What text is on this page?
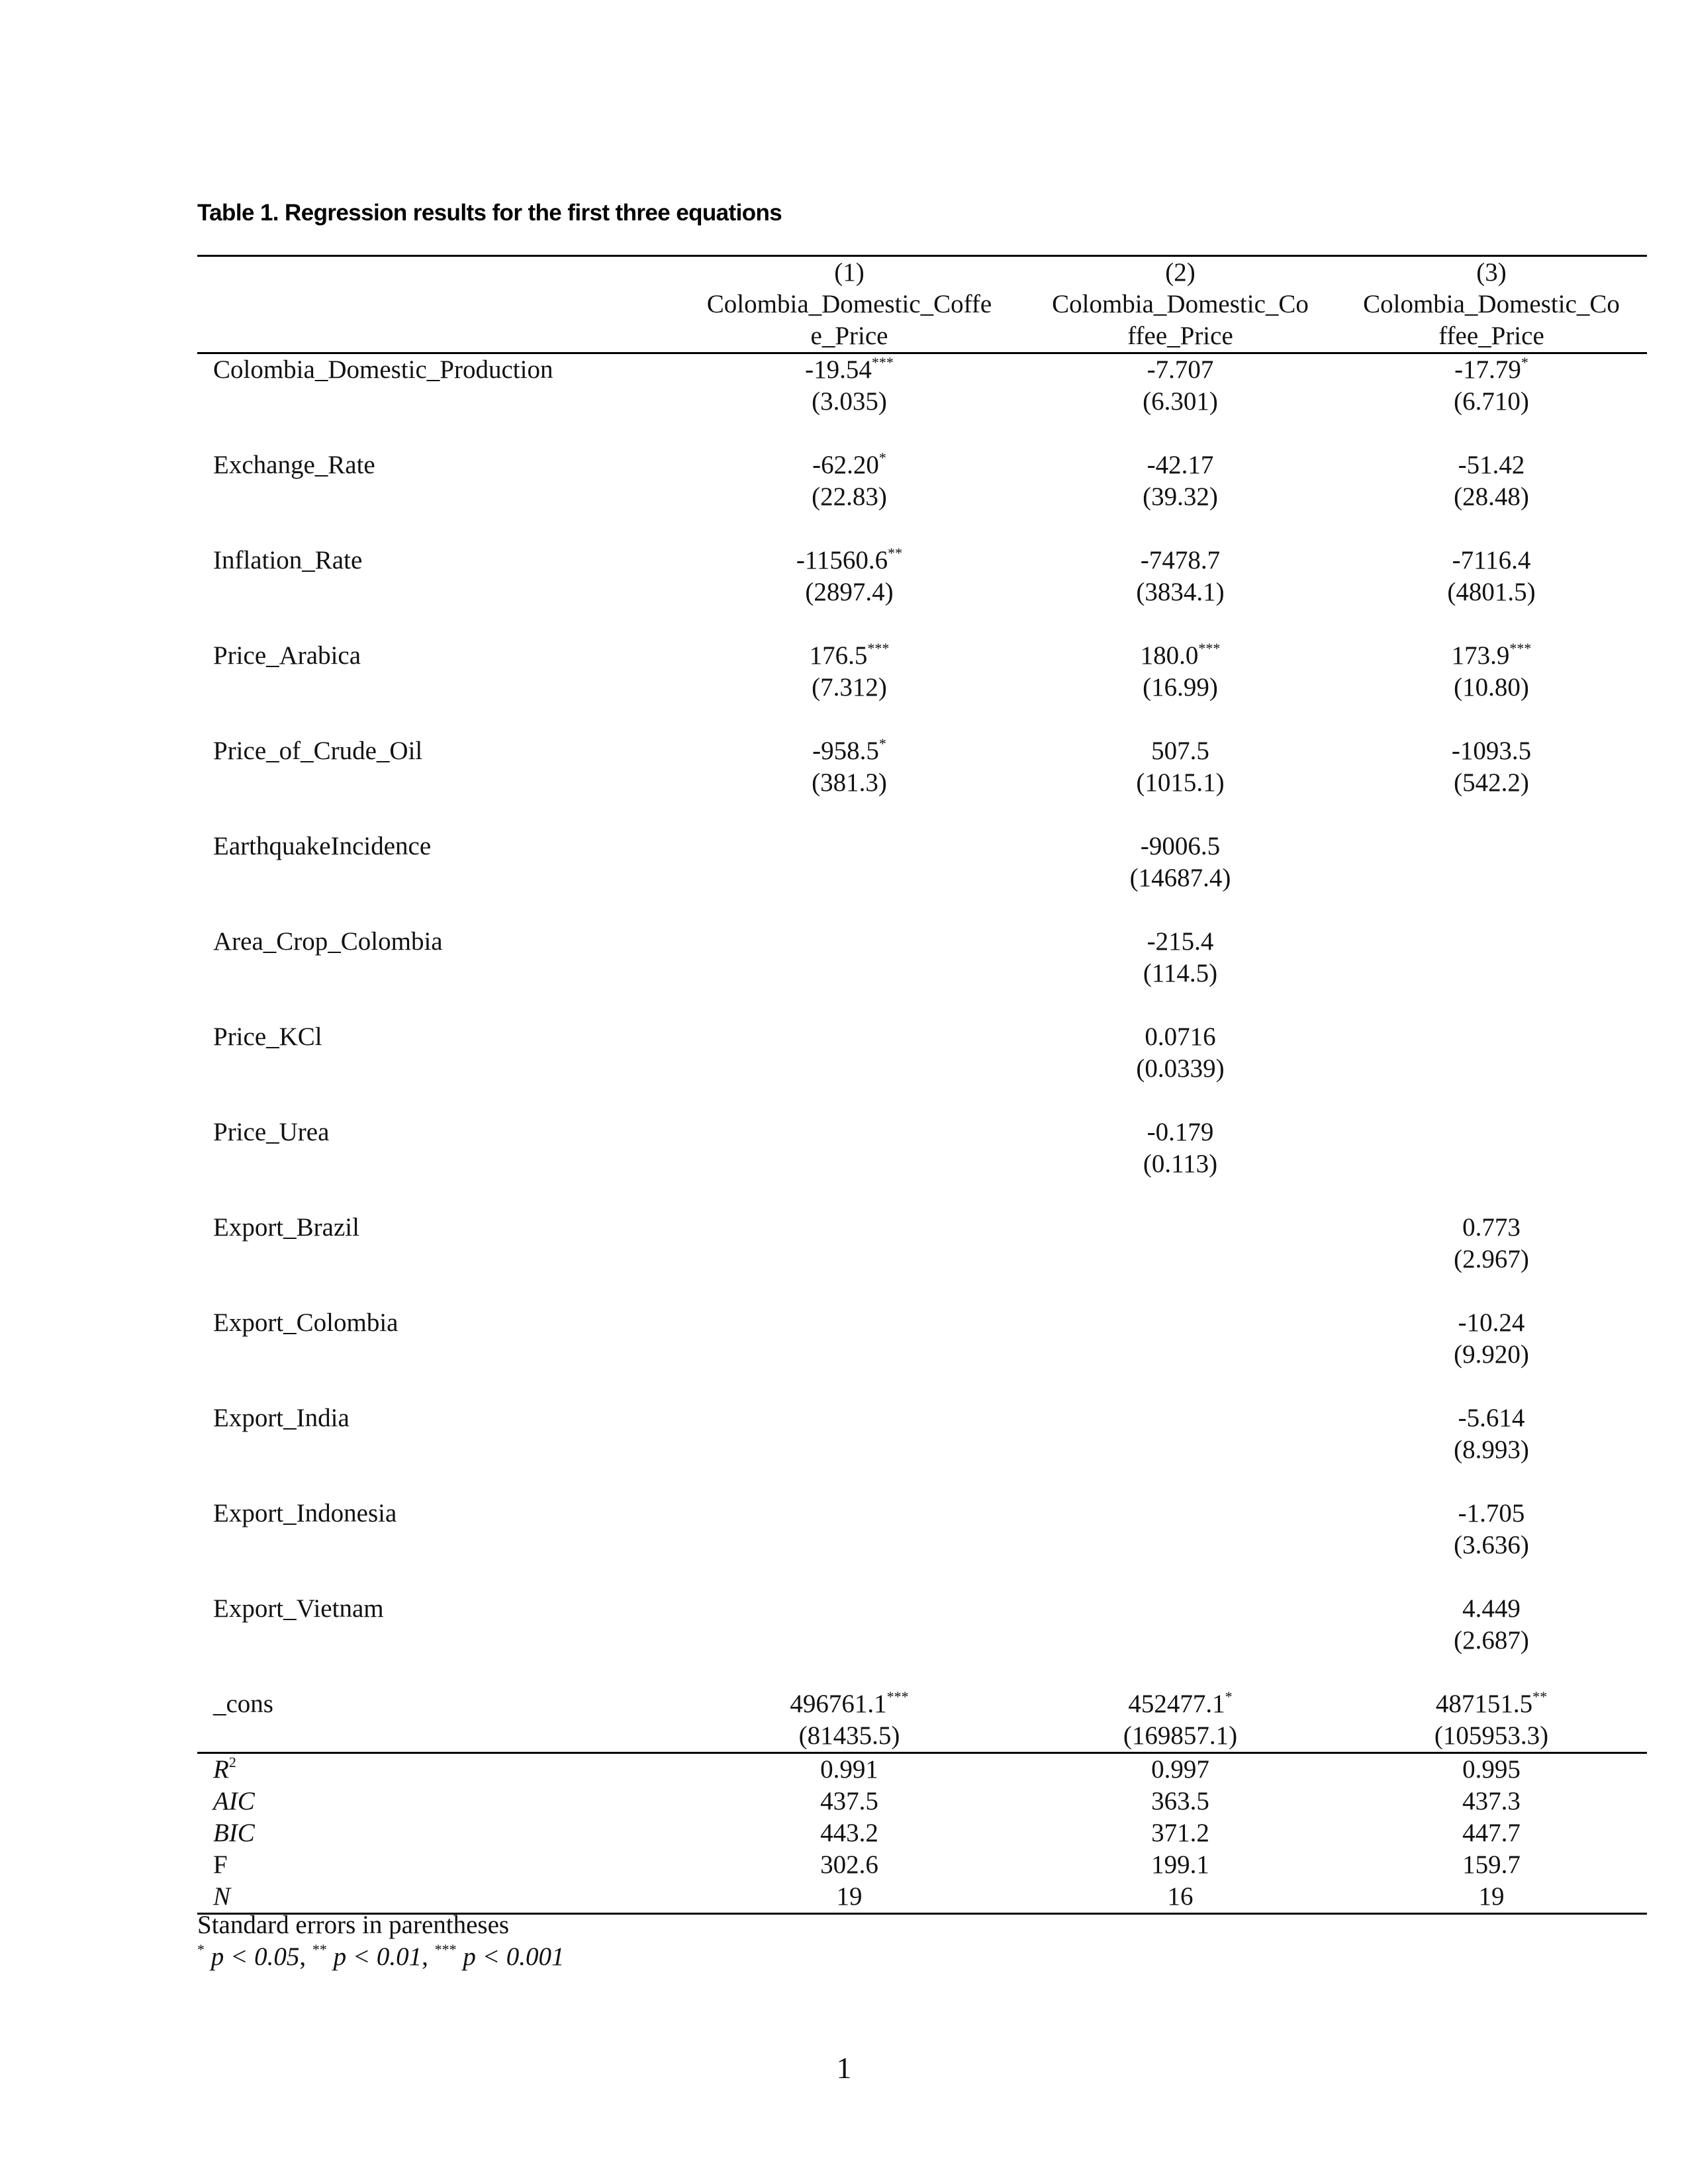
Table 1. Regression results for the first three equations

	(1)	(2)	(3)
	Colombia_Domestic_Coffe	Colombia_Domestic_Co	Colombia_Domestic_Co
	e_Price	ffee_Price	ffee_Price
Colombia_Domestic_Production	-19.54***	-7.707	-17.79*
	(3.035)	(6.301)	(6.710)

Exchange_Rate	-62.20*	-42.17	-51.42
	(22.83)	(39.32)	(28.48)

Inflation_Rate	-11560.6**	-7478.7	-7116.4
	(2897.4)	(3834.1)	(4801.5)

Price_Arabica	176.5***	180.0***	173.9***
	(7.312)	(16.99)	(10.80)

Price_of_Crude_Oil	-958.5*	507.5	-1093.5
	(381.3)	(1015.1)	(542.2)

EarthquakeIncidence		-9006.5	
		(14687.4)	

Area_Crop_Colombia		-215.4	
		(114.5)	

Price_KCl		0.0716	
		(0.0339)	

Price_Urea		-0.179	
		(0.113)	

Export_Brazil			0.773
			(2.967)

Export_Colombia			-10.24
			(9.920)

Export_India			-5.614
			(8.993)

Export_Indonesia			-1.705
			(3.636)

Export_Vietnam			4.449
			(2.687)

_cons	496761.1***	452477.1*	487151.5**
	(81435.5)	(169857.1)	(105953.3)
$R^2$	0.991	0.997	0.995
AIC	437.5	363.5	437.3
BIC	443.2	371.2	447.7
F	302.6	199.1	159.7
N	19	16	19
Standard errors in parentheses
* p < 0.05, ** p < 0.01, *** p < 0.001
1
